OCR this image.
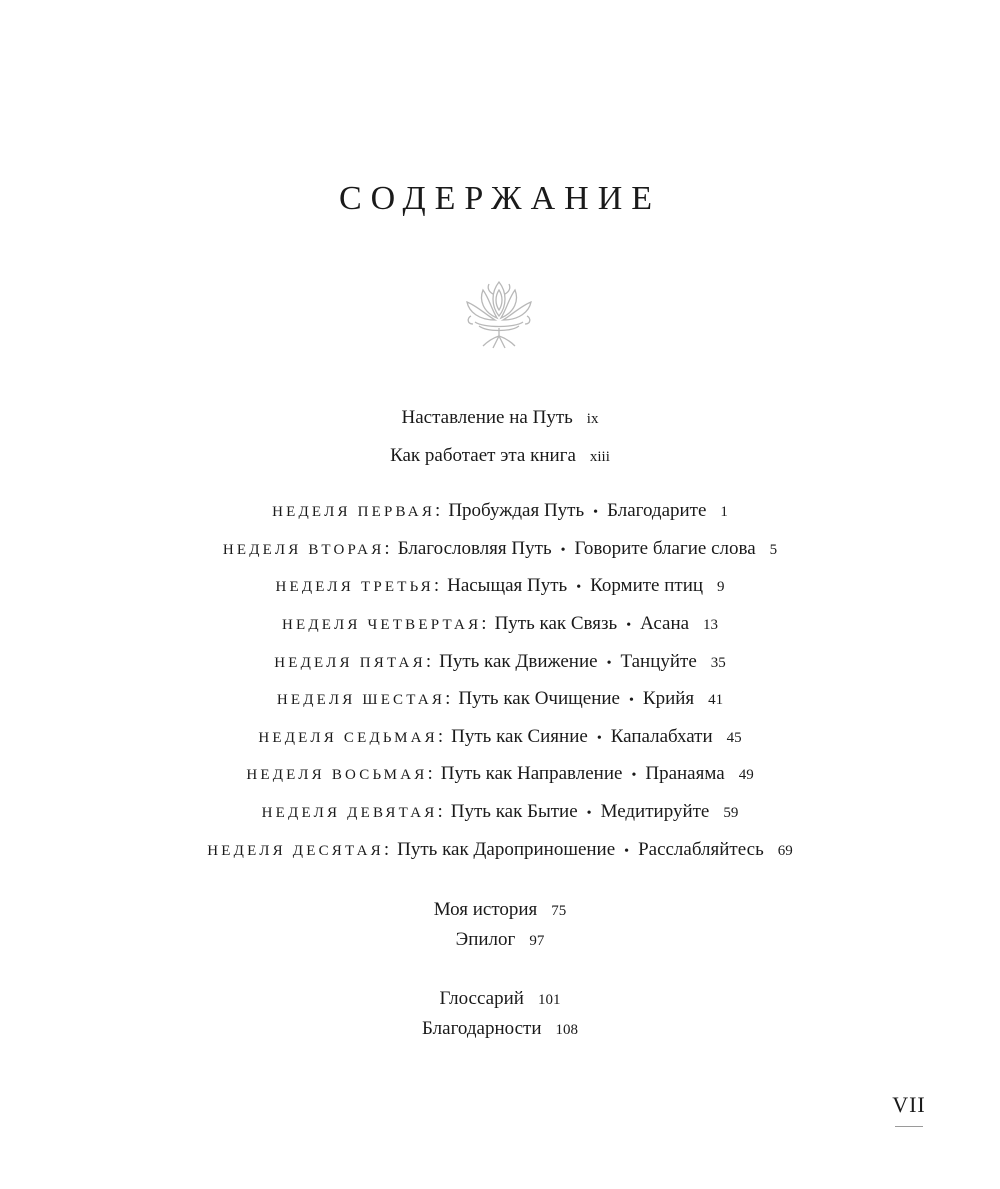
СОДЕРЖАНИЕ
Наставление на Путь ix
Как работает эта книга xiii
НЕДЕЛЯ ПЕРВАЯ: Пробуждая Путь • Благодарите 1
НЕДЕЛЯ ВТОРАЯ: Благословляя Путь • Говорите благие слова 5
НЕДЕЛЯ ТРЕТЬЯ: Насыщая Путь • Кормите птиц 9
НЕДЕЛЯ ЧЕТВЕРТАЯ: Путь как Связь • Асана 13
НЕДЕЛЯ ПЯТАЯ: Путь как Движение • Танцуйте 35
НЕДЕЛЯ ШЕСТАЯ: Путь как Очищение • Крийя 41
НЕДЕЛЯ СЕДЬМАЯ: Путь как Сияние • Капалабхати 45
НЕДЕЛЯ ВОСЬМАЯ: Путь как Направление • Пранаяма 49
НЕДЕЛЯ ДЕВЯТАЯ: Путь как Бытие • Медитируйте 59
НЕДЕЛЯ ДЕСЯТАЯ: Путь как Дароприношение • Расслабляйтесь 69
Моя история 75
Эпилог 97
Глоссарий 101
Благодарности 108
VII
